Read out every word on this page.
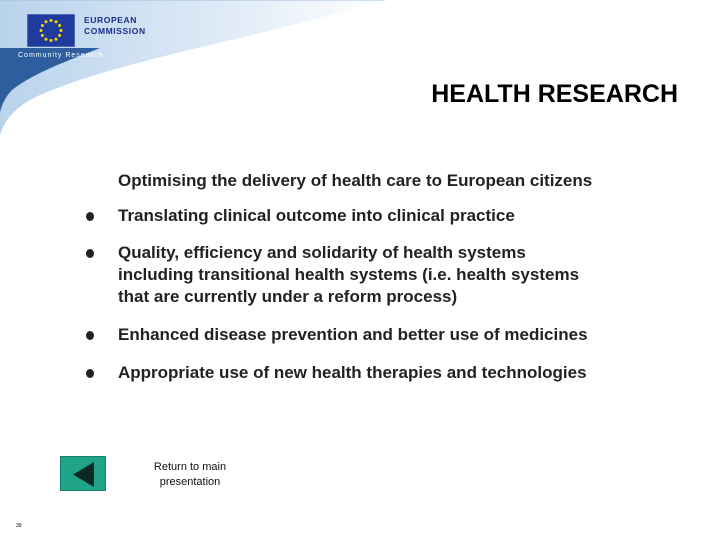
EUROPEAN
COMMISSION
Community Research
HEALTH RESEARCH
Optimising the delivery of health care to European citizens
Translating clinical outcome into clinical practice
Quality, efficiency and solidarity of health systems
including transitional health systems (i.e. health systems
that are currently under a reform process)
Enhanced disease prevention and better use of medicines
Appropriate use of new health therapies and technologies
Return to main
presentation
39
